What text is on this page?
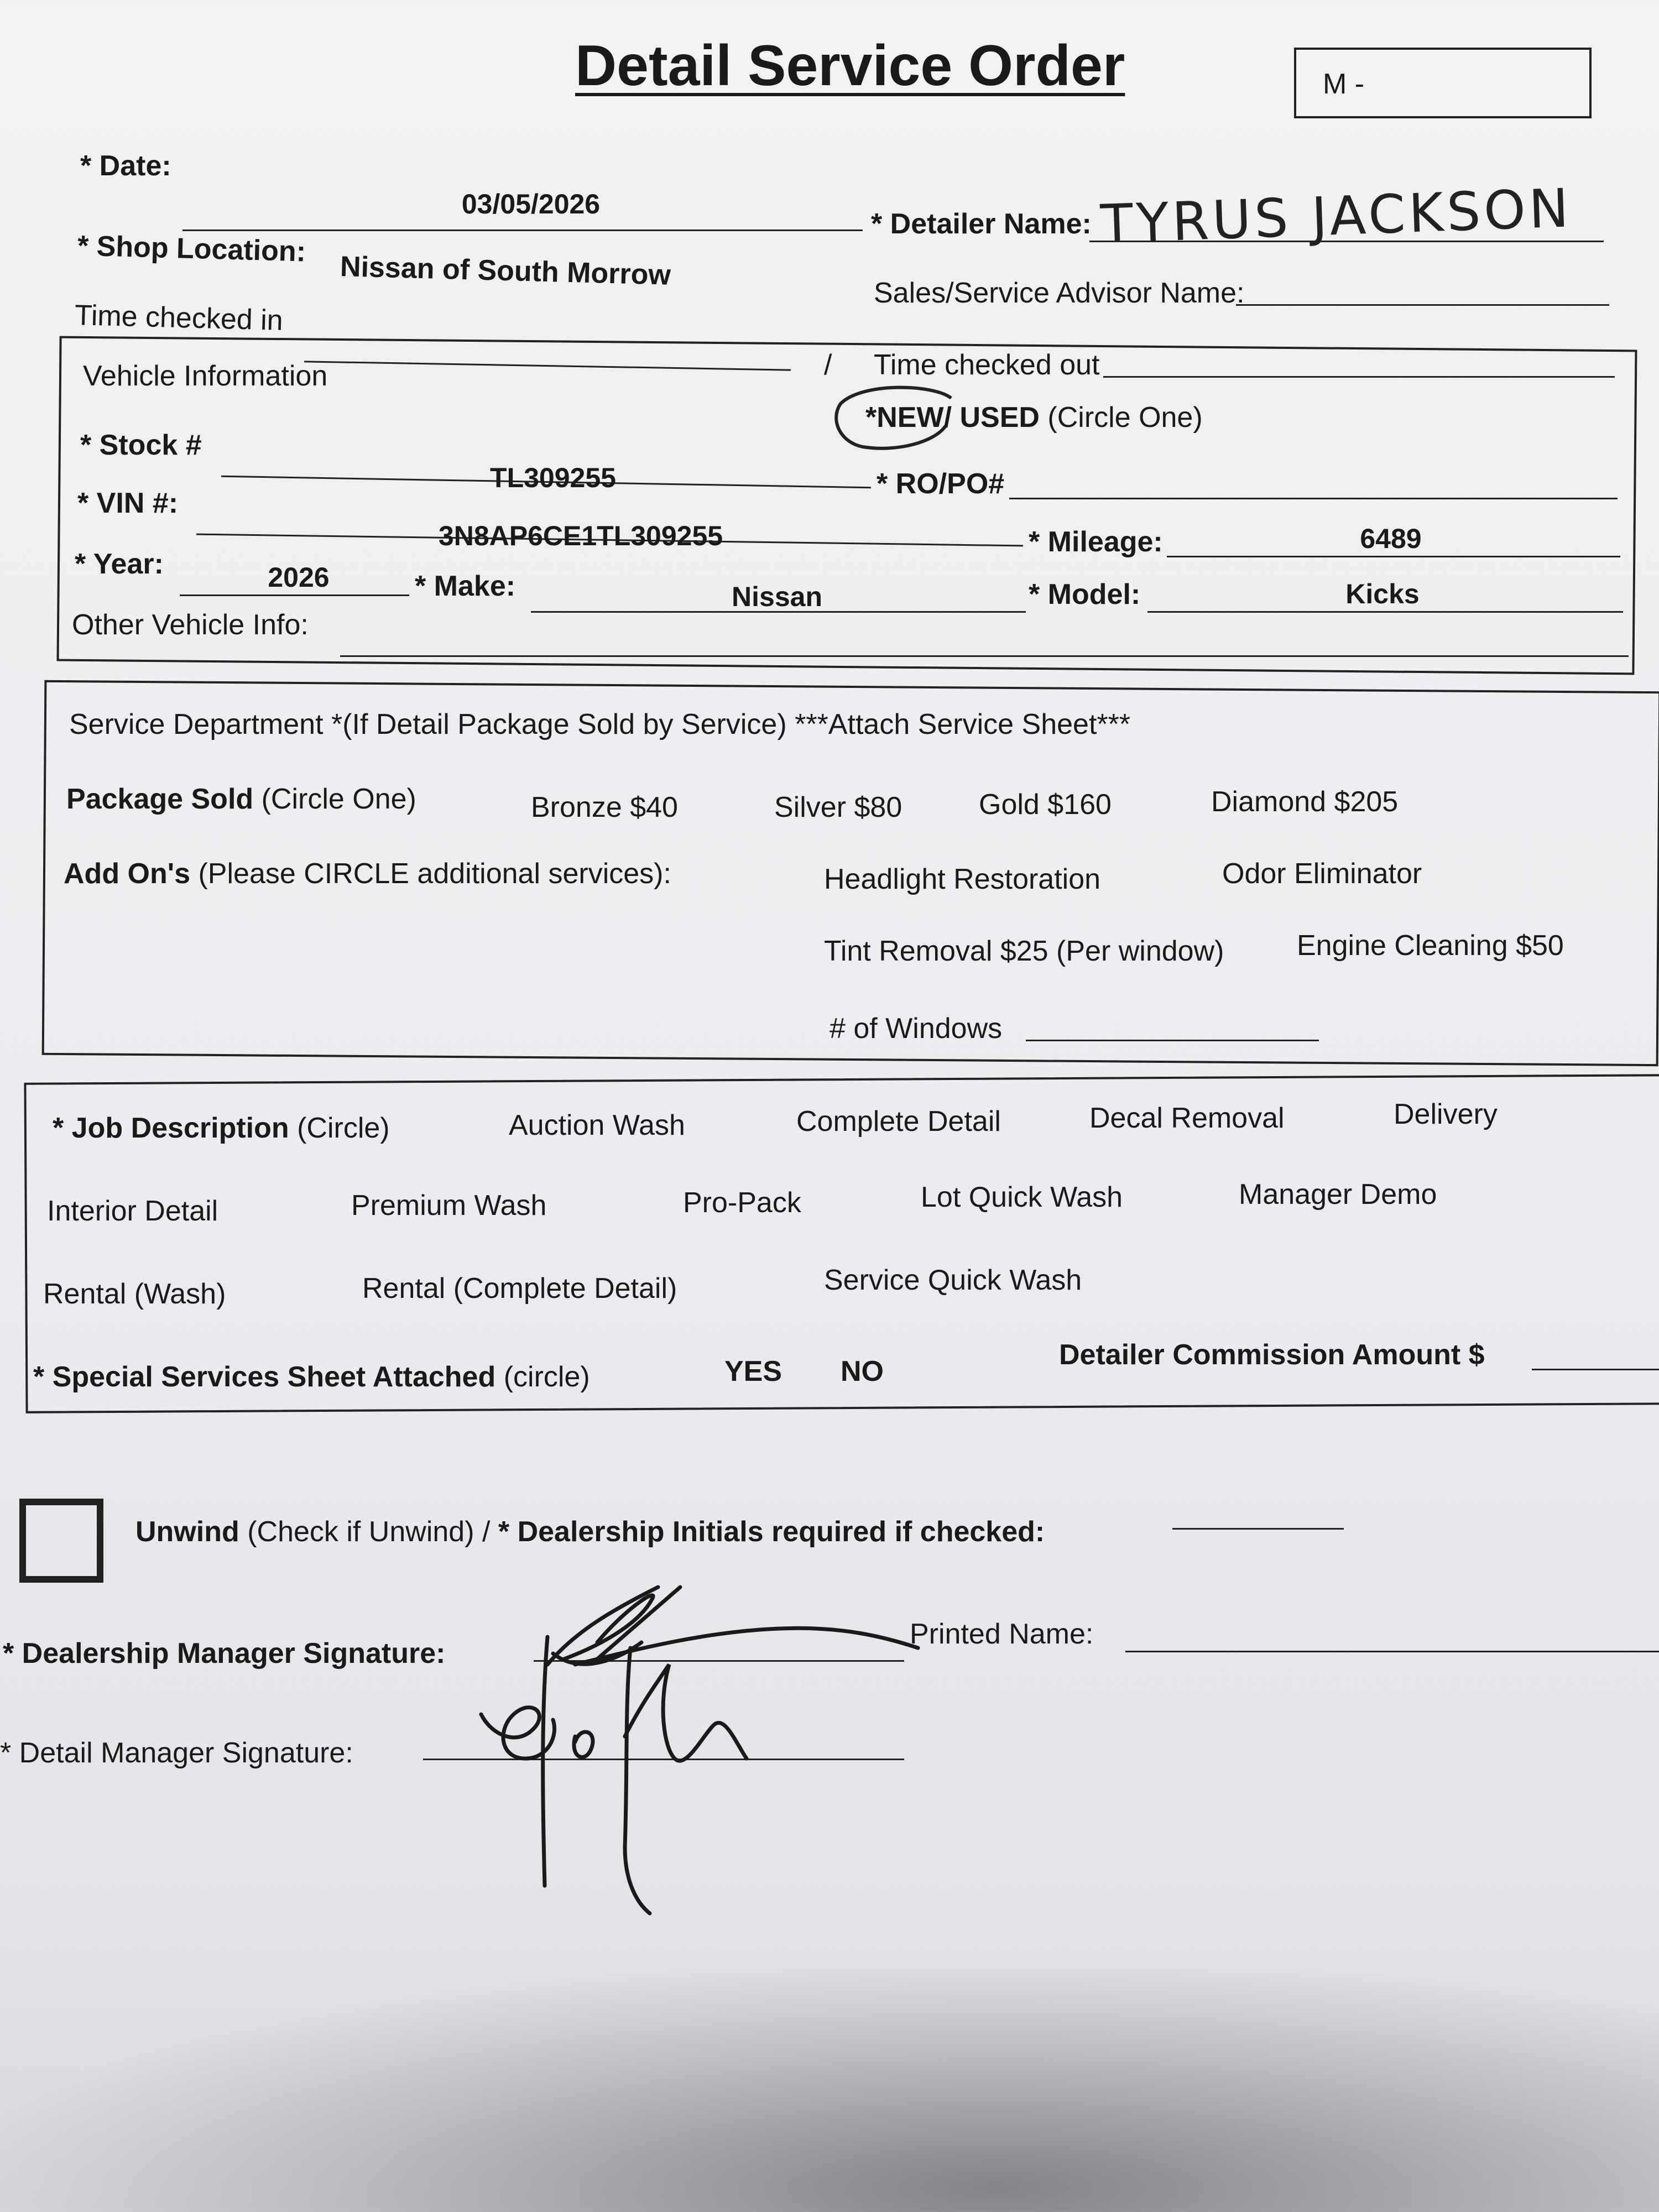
Detail Service Order	M -
* Date:
03/05/2026
* Detailer Name: TYRUS JACKSON
* Shop Location:
Nissan of South Morrow
Sales/Service Advisor Name:
Time checked in
/ Time checked out
Vehicle Information
*NEW/ USED (Circle One)
* Stock #
TL309255	* RO/PO#
* VIN #:
3N8AP6CE1TL309255	* Mileage:	6489
* Year:	2026	* Make:	Nissan	* Model:	Kicks
Other Vehicle Info:
Service Department *(If Detail Package Sold by Service) ***Attach Service Sheet***
Package Sold (Circle One)	Bronze $40	Silver $80	Gold $160	Diamond $205
Add On's (Please CIRCLE additional services):	Headlight Restoration	Odor Eliminator
Tint Removal $25 (Per window)	Engine Cleaning $50
# of Windows
* Job Description (Circle)	Auction Wash	Complete Detail	Decal Removal	Delivery
Interior Detail	Premium Wash	Pro-Pack	Lot Quick Wash	Manager Demo
Rental (Wash)	Rental (Complete Detail)	Service Quick Wash
* Special Services Sheet Attached (circle)	YES NO
Detailer Commission Amount $
Unwind (Check if Unwind) / * Dealership Initials required if checked:
* Dealership Manager Signature:
Printed Name:
* Detail Manager Signature:
